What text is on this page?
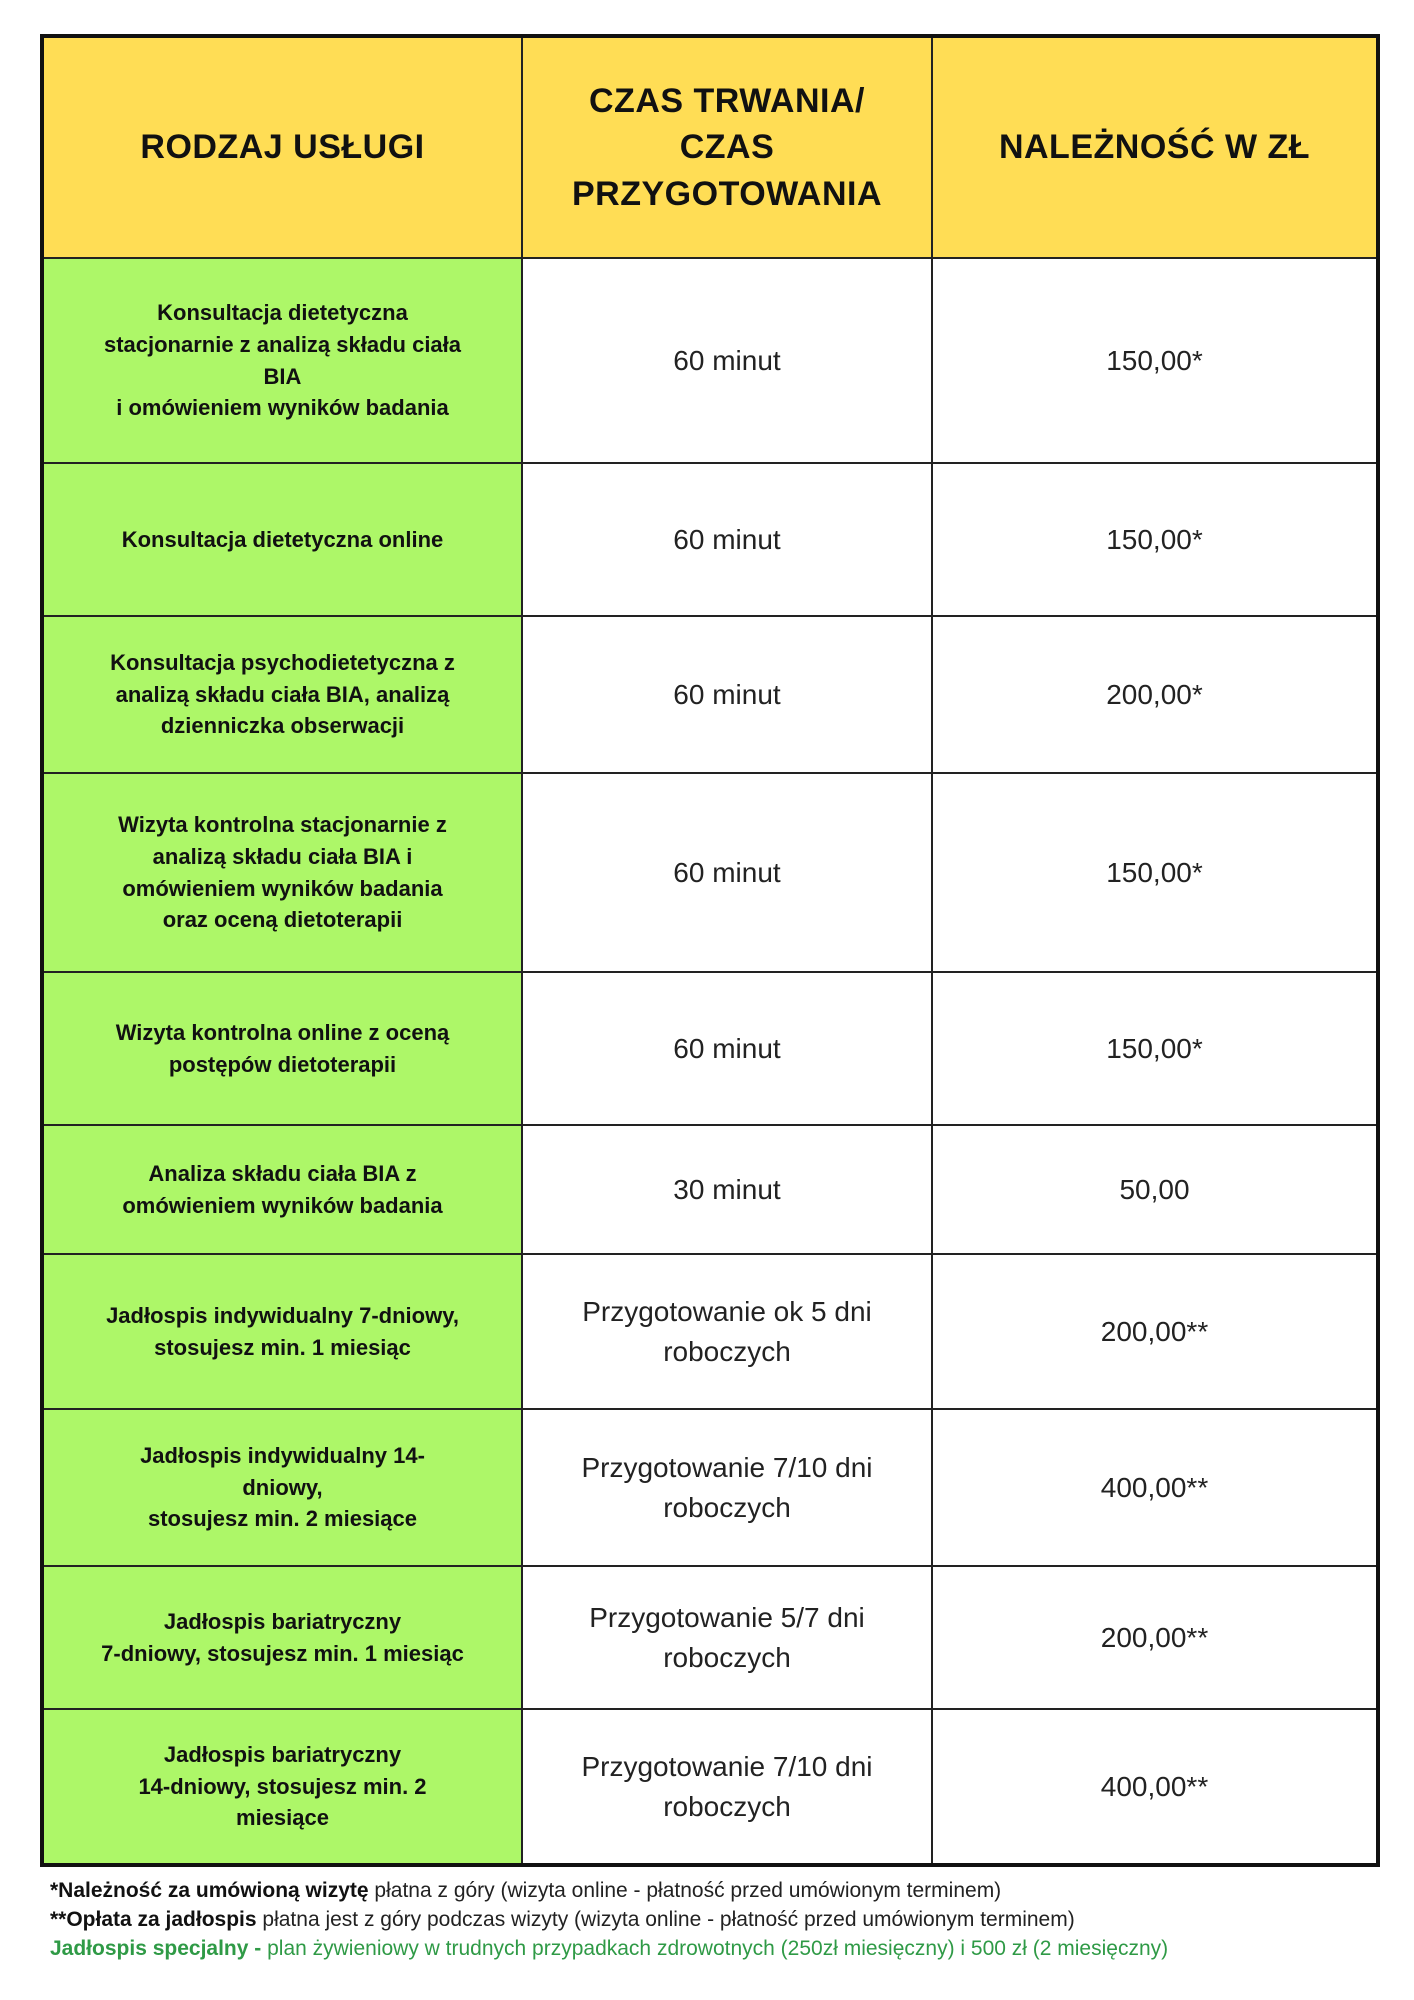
RODZAJ USŁUGI	CZAS TRWANIA/
CZAS
PRZYGOTOWANIA	NALEŻNOŚĆ W ZŁ
Konsultacja dietetyczna
stacjonarnie z analizą składu ciała
BIA
i omówieniem wyników badania	60 minut	150,00*
Konsultacja dietetyczna online	60 minut	150,00*
Konsultacja psychodietetyczna z
analizą składu ciała BIA, analizą
dzienniczka obserwacji	60 minut	200,00*
Wizyta kontrolna stacjonarnie z
analizą składu ciała BIA i
omówieniem wyników badania
oraz oceną dietoterapii	60 minut	150,00*
Wizyta kontrolna online z oceną
postępów dietoterapii	60 minut	150,00*
Analiza składu ciała BIA z
omówieniem wyników badania	30 minut	50,00
Jadłospis indywidualny 7-dniowy,
stosujesz min. 1 miesiąc	Przygotowanie ok 5 dni
roboczych	200,00**
Jadłospis indywidualny 14-
dniowy,
stosujesz min. 2 miesiące	Przygotowanie 7/10 dni
roboczych	400,00**
Jadłospis bariatryczny
7-dniowy, stosujesz min. 1 miesiąc	Przygotowanie 5/7 dni
roboczych	200,00**
Jadłospis bariatryczny
14-dniowy, stosujesz min. 2
miesiące	Przygotowanie 7/10 dni
roboczych	400,00**
*Należność za umówioną wizytę płatna z góry (wizyta online - płatność przed umówionym terminem)
**Opłata za jadłospis płatna jest z góry podczas wizyty (wizyta online - płatność przed umówionym terminem)
Jadłospis specjalny - plan żywieniowy w trudnych przypadkach zdrowotnych (250zł miesięczny) i 500 zł (2 miesięczny)
